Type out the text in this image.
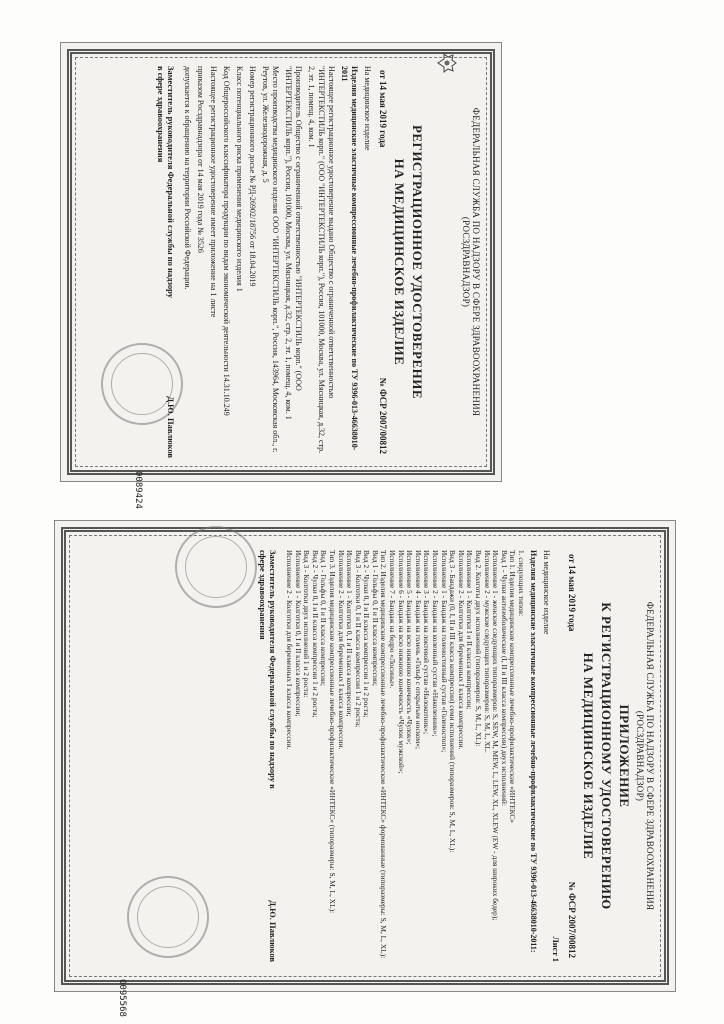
ФЕДЕРАЛЬНАЯ СЛУЖБА ПО НАДЗОРУ В СФЕРЕ ЗДРАВООХРАНЕНИЯ
(РОСЗДРАВНАДЗОР)
РЕГИСТРАЦИОННОЕ УДОСТОВЕРЕНИЕ
НА МЕДИЦИНСКОЕ ИЗДЕЛИЕ
от 14 мая 2019 года
№ ФСР 2007/00812
На медицинское изделие
Изделия медицинские эластичные компрессионные лечебно-профилактические по ТУ 9396-013-46638010-2011
Настоящее регистрационное удостоверение выдано Общество с ограниченной ответственностью "ИНТЕРТЕКСТИЛЬ корп." (ООО "ИНТЕРТЕКСТИЛЬ корп."), Россия, 101000, Москва, ул. Мясницкая, д.32, стр. 2, эт. 1, помещ. 4, ком. 1
Производитель Общество с ограниченной ответственностью "ИНТЕРТЕКСТИЛЬ корп." (ООО "ИНТЕРТЕКСТИЛЬ корп."), Россия, 101000, Москва, ул. Мясницкая, д.32, стр. 2, эт. 1, помещ. 4, ком. 1
Место производства медицинского изделия ООО "ИНТЕРТЕКСТИЛЬ корп.", Россия, 143964, Московская обл., г. Реутов, ул. Железнодорожная, д. 5
Номер регистрационного досье № РД-26902/18756 от 18.04.2019
Класс потенциального риска применения медицинского изделия 1
Код Общероссийского классификатора продукции по видам экономической деятельности 14.31.10.249
Настоящее регистрационное удостоверение имеет приложение на 1 листе
приказом Росздравнадзора от 14 мая 2019 года № 3526
допускается к обращению на территории Российской Федерации.
Заместитель руководителя Федеральной службы по надзору в сфере здравоохранения
Д.Ю. Павлюков
0089424
ФЕДЕРАЛЬНАЯ СЛУЖБА ПО НАДЗОРУ В СФЕРЕ ЗДРАВООХРАНЕНИЯ
(РОСЗДРАВНАДЗОР)
ПРИЛОЖЕНИЕ
К РЕГИСТРАЦИОННОМУ УДОСТОВЕРЕНИЮ
НА МЕДИЦИНСКОЕ ИЗДЕЛИЕ
от 14 мая 2019 года
№ ФСР 2007/00812
Лист 1
На медицинское изделие
Изделия медицинские эластичные компрессионные лечебно-профилактические по ТУ 9396-013-46638010-2011:
1. следующих типов:
Тип 1. Изделия медицинские компрессионные лечебно-профилактические «ИНТЕКС»
Вид 1 - Чулки антиэмболические (I, II и III класса компрессии) двух исполнений:
Исполнение 1 - женские следующих типоразмеров: S, SEW, M, MEW, L, LEW, XL, XLEW (EW - для широких бедер);
Исполнение 2 - мужские следующих типоразмеров: S, M, L, XL.
Вид 2. Колготы двух исполнений (типоразмеров: S, M, L, XL):
Исполнение 1 - Колготки I и II класса компрессии;
Исполнение 2 - Колготки для беременных I класса компрессии.
Вид 3 - Бандажи (0, I, II и III класса компрессии) семи исполнений (типоразмеров: S, M, L, XL):
Исполнение 1 - Бандаж на голеностопный сустав «Голеностоп»;
Исполнение 2 - Бандаж на коленный сустав «Наколенник»;
Исполнение 3 - Бандаж на локтевой сустав «Налокотник»;
Исполнение 4 - Бандаж на голень «Гольф с открытым носком»;
Исполнение 5 - Бандаж на всю нижнюю конечность «Чулок»;
Исполнение 6 - Бандаж на всю нижнюю конечность «Чулок мужской»;
Исполнение 7 - Бандаж на бедро «Лосины».
Тип 2. Изделия медицинские компрессионные лечебно-профилактические «ИНТЕКС» формованные (типоразмеры: S, M, L, XL):
Вид 1 - Гольфы 0, I и II класса компрессии;
Вид 2 - Чулки 0, I и II класса компрессии 1 и 2 роста;
Вид 3 - Колготки 0, I и II класса компрессии 1 и 2 роста;
Исполнение 1 - Колготки 0, I и II класса компрессии;
Исполнение 2 - Колготки для беременных I класса компрессии.
Тип 3. Изделия медицинские компрессионные лечебно-профилактические «ИНТЕКС» (типоразмеры: S, M, L, XL):
Вид 1 - Гольфы 0, I и II класса компрессии;
Вид 2 - Чулки 0, I и II класса компрессии 1 и 2 роста;
Вид 3 - Колготки двух исполнений 1 и 2 роста:
Исполнение 1 - Колготки 0, I и II класса компрессии;
Исполнение 2 - Колготки для беременных I класса компрессии.
Заместитель руководителя Федеральной службы по надзору в сфере здравоохранения
Д.Ю. Павлюков
0095568
